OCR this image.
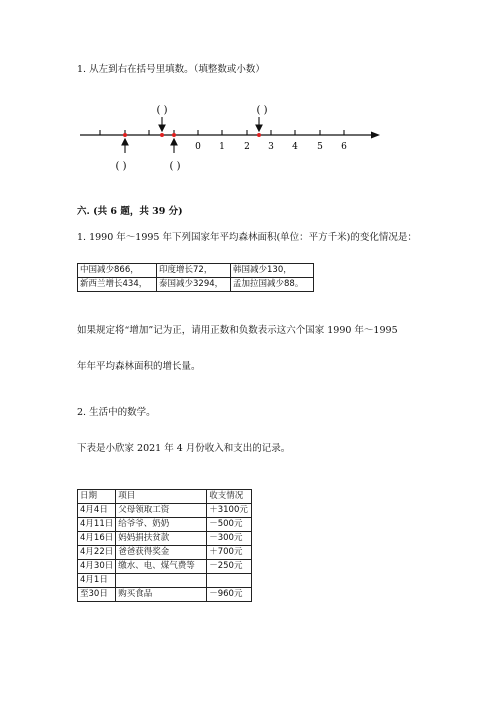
1. 从左到右在括号里填数。（填整数或小数）
0 1 2 3 4 5 6
( )	( )
( )	( )
六. (共 6 题，共 39 分)
1. 1990 年～1995 年下列国家年平均森林面积(单位：平方千米)的变化情况是：
中国减少866，	印度增长72，	韩国减少130，
新西兰增长434，	泰国减少3294，	孟加拉国减少88。
如果规定将“增加”记为正，请用正数和负数表示这六个国家 1990 年～1995
年年平均森林面积的增长量。
2. 生活中的数学。
下表是小欣家 2021 年 4 月份收入和支出的记录。
日期	项目	收支情况
4月4日	父母领取工资	＋3100元
4月11日	给爷爷、奶奶	－500元
4月16日	妈妈捐扶贫款	－300元
4月22日	爸爸获得奖金	＋700元
4月30日	缴水、电、煤气费等	－250元
4月1日		
至30日	购买食品	－960元
